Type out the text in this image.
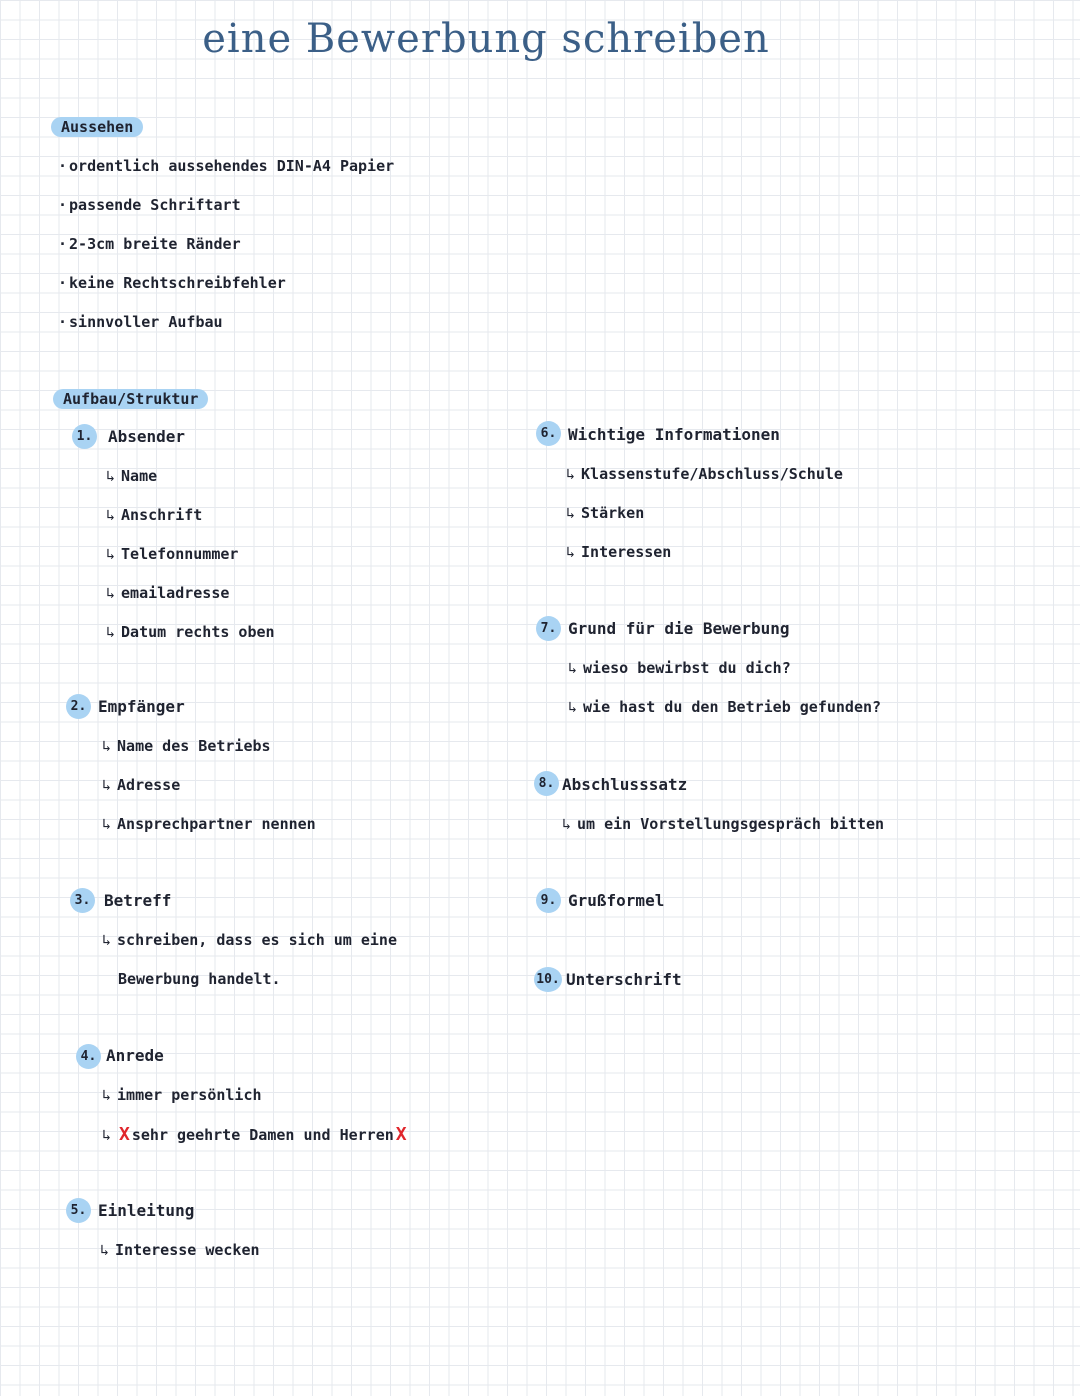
eine Bewerbung schreiben
Aussehen
· ordentlich aussehendes DIN-A4 Papier
· passende Schriftart
· 2-3cm breite Ränder
· keine Rechtschreibfehler
· sinnvoller Aufbau
Aufbau/Struktur
1. Absender
↳ Name
↳ Anschrift
↳ Telefonnummer
↳ emailadresse
↳ Datum rechts oben
2. Empfänger
↳ Name des Betriebs
↳ Adresse
↳ Ansprechpartner nennen
3. Betreff
↳ schreiben, dass es sich um eine
Bewerbung handelt.
4. Anrede
↳ immer persönlich
↳ X sehr geehrte Damen und Herren X
5. Einleitung
↳ Interesse wecken
6. Wichtige Informationen
↳ Klassenstufe/Abschluss/Schule
↳ Stärken
↳ Interessen
7. Grund für die Bewerbung
↳ wieso bewirbst du dich?
↳ wie hast du den Betrieb gefunden?
8. Abschlusssatz
↳ um ein Vorstellungsgespräch bitten
9. Grußformel
10. Unterschrift
